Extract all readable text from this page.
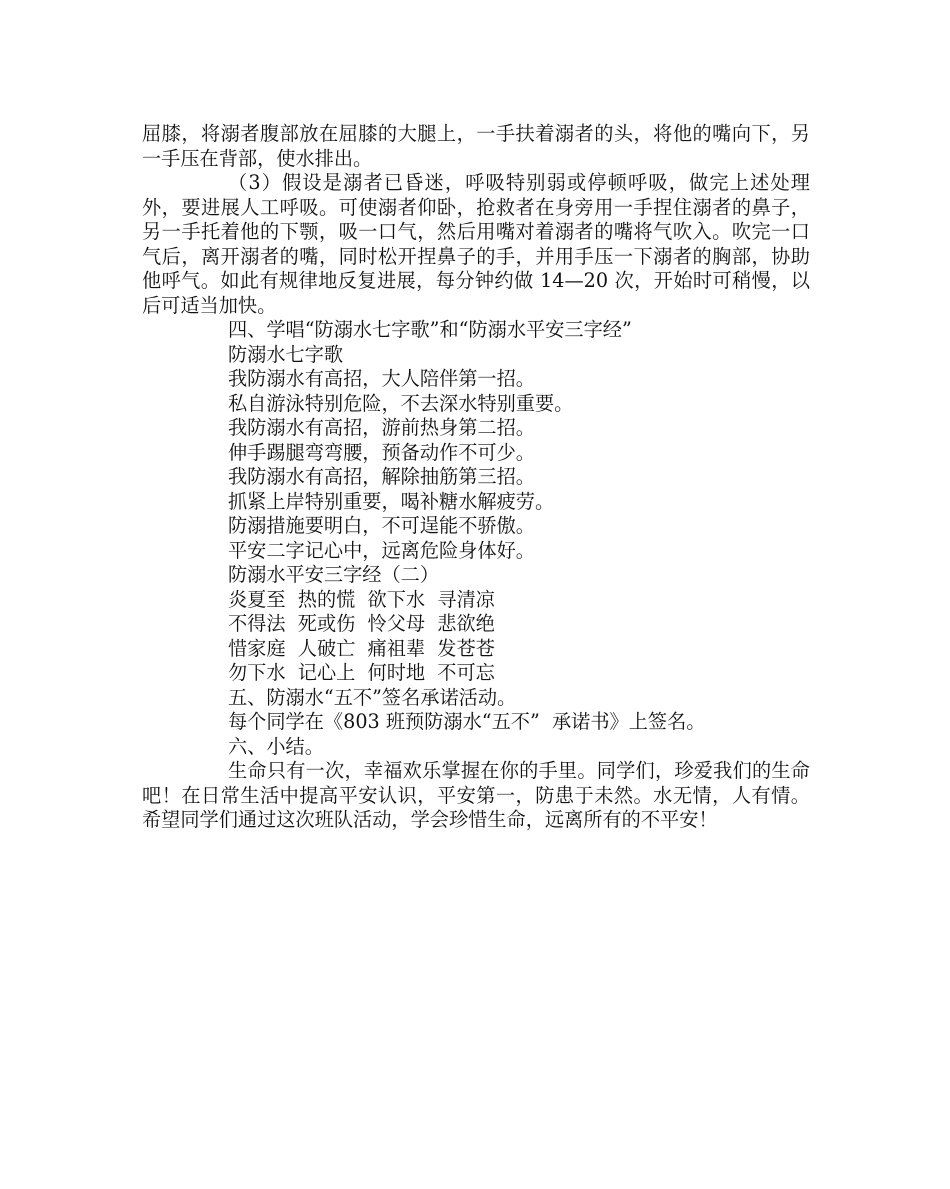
屈膝，将溺者腹部放在屈膝的大腿上，一手扶着溺者的头，将他的嘴向下，另一手压在背部，使水排出。

（3）假设是溺者已昏迷，呼吸特别弱或停顿呼吸，做完上述处理外，要进展人工呼吸。可使溺者仰卧，抢救者在身旁用一手捏住溺者的鼻子，另一手托着他的下颚，吸一口气，然后用嘴对着溺者的嘴将气吹入。吹完一口气后，离开溺者的嘴，同时松开捏鼻子的手，并用手压一下溺者的胸部，协助他呼气。如此有规律地反复进展，每分钟约做 14—20 次，开始时可稍慢，以后可适当加快。

四、学唱“防溺水七字歌”和“防溺水平安三字经”

防溺水七字歌

我防溺水有高招，大人陪伴第一招。

私自游泳特别危险，不去深水特别重要。

我防溺水有高招，游前热身第二招。

伸手踢腿弯弯腰，预备动作不可少。

我防溺水有高招，解除抽筋第三招。

抓紧上岸特别重要，喝补糖水解疲劳。

防溺措施要明白，不可逞能不骄傲。

平安二字记心中，远离危险身体好。

防溺水平安三字经（二）

炎夏至  热的慌  欲下水  寻清凉

不得法  死或伤  怜父母  悲欲绝

惜家庭  人破亡  痛祖辈  发苍苍

勿下水  记心上  何时地  不可忘

五、防溺水“五不”签名承诺活动。

每个同学在《803 班预防溺水“五不”  承诺书》上签名。

六、小结。

生命只有一次，幸福欢乐掌握在你的手里。同学们，珍爱我们的生命吧！在日常生活中提高平安认识，平安第一，防患于未然。水无情，人有情。希望同学们通过这次班队活动，学会珍惜生命，远离所有的不平安！
